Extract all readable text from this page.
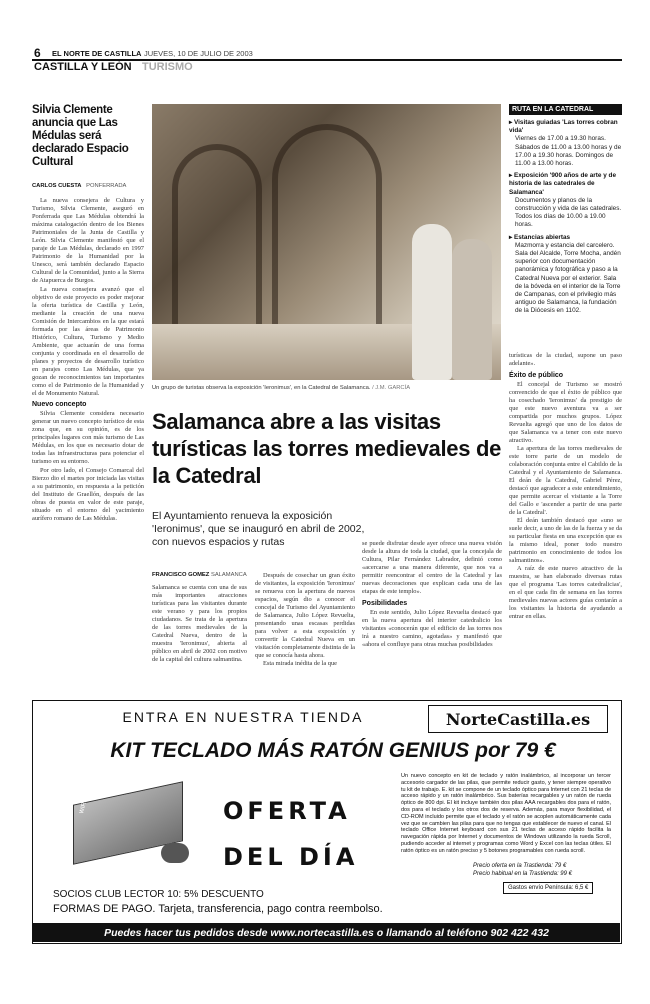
6 EL NORTE DE CASTILLA JUEVES, 10 DE JULIO DE 2003
CASTILLA Y LEÓN TURISMO
Silvia Clemente anuncia que Las Médulas será declarado Espacio Cultural
CARLOS CUESTA PONFERRADA

La nueva consejera de Cultura y Turismo, Silvia Clemente, aseguró en Ponferrada que Las Médulas obtendrá la máxima catalogación dentro de los Bienes Patrimoniales de la Junta de Castilla y León. Silvia Clemente manifestó que el paraje de Las Médulas, declarado en 1997 Patrimonio de la Humanidad por la Unesco, será también declarado Espacio Cultural de la Comunidad, junto a la Sierra de Atapuerca de Burgos.

La nueva consejera avanzó que el objetivo de este proyecto es poder mejorar la oferta turística de Castilla y León, mediante la creación de una nueva Comisión de Intercambios en la que estará formada por las áreas de Patrimonio Histórico, Cultura, Turismo y Medio Ambiente, que actuarán de una forma conjunta y coordinada en el desarrollo de planes y proyectos de desarrollo turístico en parajes como Las Médulas, que ya gozan de reconocimientos tan importantes como el de Patrimonio de la Humanidad y el de Monumento Natural.

Nuevo concepto

Silvia Clemente considera necesario generar un nuevo concepto turístico de esta zona que, en su opinión, es de los principales lugares con más turismo de Las Médulas, en los que es necesario dotar de todas las infraestructuras para potenciar el turismo en su entorno.

Por otro lado, el Consejo Comarcal del Bierzo dio el martes por iniciada las visitas a su patrimonio, en respuesta a la petición del Instituto de Graellón, después de las obras de puesta en valor de este paraje, situado en el entorno del yacimiento aurífero romano de Las Médulas.

Un grupo de turistas observa la exposición 'Ieronimus', en la Catedral de Salamanca. / J.M. GARCÍA
RUTA EN LA CATEDRAL
▸ Visitas guiadas 'Las torres cobran vida'
Viernes de 17.00 a 19.30 horas. Sábados de 11.00 a 13.00 horas y de 17.00 a 19.30 horas. Domingos de 11.00 a 13.00 horas.
▸ Exposición '900 años de arte y de historia de las catedrales de Salamanca'
Documentos y planos de la construcción y vida de las catedrales. Todos los días de 10.00 a 19.00 horas.
▸ Estancias abiertas
Mazmorra y estancia del carcelero. Sala del Alcalde, Torre Mocha, andén superior con documentación panorámica y fotográfica y paso a la Catedral Nueva por el exterior. Sala de la bóveda en el interior de la Torre de Campanas, con el privilegio más antiguo de Salamanca, la fundación de la Diócesis en 1102.
Salamanca abre a las visitas turísticas las torres medievales de la Catedral
El Ayuntamiento renueva la exposición 'Ieronimus', que se inauguró en abril de 2002, con nuevos espacios y rutas
FRANCISCO GÓMEZ SALAMANCA

Salamanca se cuenta con una de sus más importantes atracciones turísticas para las visitantes durante este verano y para los propios ciudadanos. Se trata de la apertura de las torres medievales de la Catedral Nueva, dentro de la muestra 'Ieronimus', abierta al público en abril de 2002 con motivo de la capital del cultura salmantina.

Después de cosechar un gran éxito de visitantes, la exposición 'Ieronimus' se renueva con la apertura de nuevos espacios, según dio a conocer el concejal de Turismo del Ayuntamiento de Salamanca, Julio López Revuelta, presentando unas escasas perdidas para volver a esta exposición y convertir la Catedral Nueva en un visitación completamente distinta de la que se conocía hasta ahora.

Esta mirada inédita de la que

se puede disfrutar desde ayer ofrece una nueva visión desde la altura de toda la ciudad, que la concejala de Cultura, Pilar Fernández Labrador, definió como «acercarse a una manera diferente, que nos va a permitir reencontrar el centro de la Catedral y las nuevas decoraciones que explican cada una de las etapas de este templo».

Posibilidades

En este sentido, Julio López Revuelta destacó que en la nueva apertura del interior catedralicio los visitantes «conocerán que el edificio de las torres nos irá a nuestro camino, agotadas» y manifestó que «ahora el confluye para otras muchas posibilidades

turísticas de la ciudad, supone un paso adelante».

Éxito de público

El concejal de Turismo se mostró convencido de que el éxito de público que ha cosechado 'Ieronimus' da prestigio de que este nuevo aventura va a ser compartida por muchos grupos. López Revuelta agregó que uno de los datos de que Salamanca va a tener con este nuevo atractivo.

La apertura de las torres medievales de este torre parte de un modelo de colaboración conjunta entre el Cabildo de la Catedral y el Ayuntamiento de Salamanca. El deán de la Catedral, Gabriel Pérez, destacó que agradecer a este entendimiento, que permite acercar el visitante a la Torre del Gallo e 'ascender a partir de una parte de la Catedral'.

El deán también destacó que «uno se suele decir, a uno de las de la fuerza y se da su particular fiesta en una excepción que es la mismo ideal, poner todo nuestro patrimonio en conocimiento de todos los salmantinos».

A raíz de este nuevo atractivo de la muestra, se han elaborado diversas rutas que el programa 'Las torres catedralicias', en el que cada fin de semana en las torres medievales nuevas actores guías contarán a los visitantes la historia de ayudando a entrar en ellas.

ENTRA EN NUESTRA TIENDA	NorteCastilla.es
KIT TECLADO MÁS RATÓN GENIUS por 79 €
WIRELESS MOUSE	OFERTA
DEL DÍA
Un nuevo concepto en kit de teclado y ratón inalámbrico, al incorporar un tercer accesorio cargador de las pilas, que permite reducir gasto, y tener siempre operativo tu kit de trabajo. E. kit se compone de un teclado óptico para Internet con 21 teclas de acceso rápido y un ratón inalámbrico. Sus baterías recargables y un ratón de rueda óptico de 800 dpi. El kit incluye también dos pilas AAA recargables dos para el ratón, dos para el teclado y los otros dos de reserva. Además, para mayor flexibilidad, el CD-ROM incluido permite que el teclado y el ratón se acoplen automáticamente cada vez que se cambien las pilas para que no tengas que establecer de nuevo el canal. El teclado Office Internet keyboard con sus 21 teclas de acceso rápido facilita la navegación rápida por Internet y documentos de Windows utilizando la rueda Scroll, pudiendo acceder al internet y programas como Word y Excel con las teclas útiles. El ratón óptico es un ratón preciso y 5 botones programables con rueda scroll.
Precio oferta en la Trastienda: 79 €
Precio habitual en la Trastienda: 99 €
Gastos envío Península: 6,5 €
SOCIOS CLUB LECTOR 10: 5% DESCUENTO
FORMAS DE PAGO. Tarjeta, transferencia, pago contra reembolso.
Puedes hacer tus pedidos desde www.nortecastilla.es o llamando al teléfono 902 422 432
